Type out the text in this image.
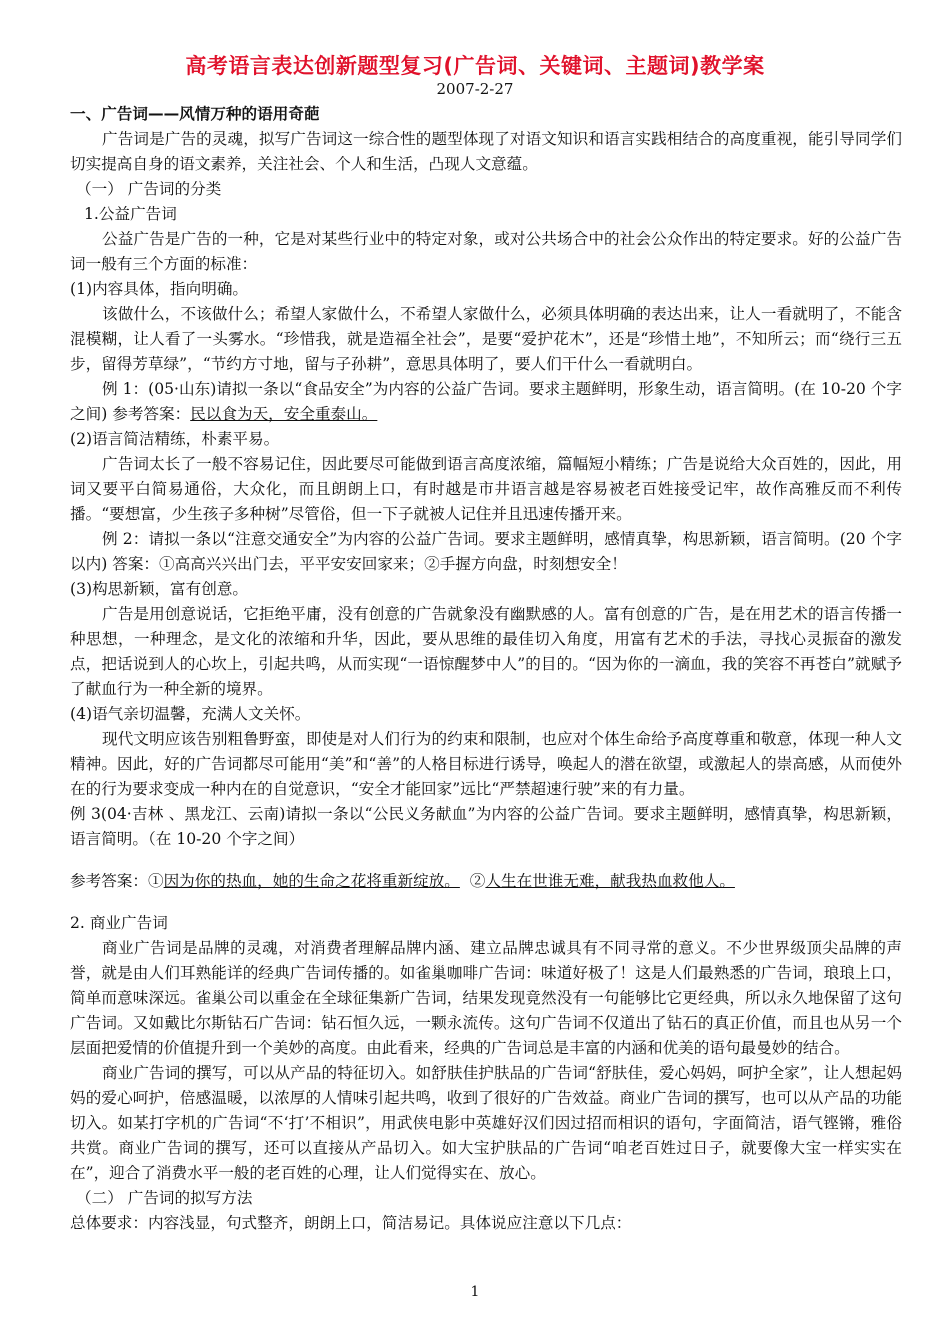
高考语言表达创新题型复习(广告词、关键词、主题词)教学案
2007-2-27

一、广告词——风情万种的语用奇葩

广告词是广告的灵魂，拟写广告词这一综合性的题型体现了对语文知识和语言实践相结合的高度重视，能引导同学们切实提高自身的语文素养，关注社会、个人和生活，凸现人文意蕴。

（一） 广告词的分类

1.公益广告词

公益广告是广告的一种，它是对某些行业中的特定对象，或对公共场合中的社会公众作出的特定要求。好的公益广告词一般有三个方面的标准：

(1)内容具体，指向明确。

该做什么，不该做什么；希望人家做什么，不希望人家做什么，必须具体明确的表达出来，让人一看就明了，不能含混模糊，让人看了一头雾水。“珍惜我，就是造福全社会”，是要“爱护花木”，还是“珍惜土地”，不知所云；而“绕行三五步，留得芳草绿”，“节约方寸地，留与子孙耕”，意思具体明了，要人们干什么一看就明白。

例 1：(05·山东)请拟一条以“食品安全”为内容的公益广告词。要求主题鲜明，形象生动，语言简明。(在 10-20 个字之间) 参考答案：民以食为天，安全重泰山。

(2)语言简洁精练，朴素平易。

广告词太长了一般不容易记住，因此要尽可能做到语言高度浓缩，篇幅短小精练；广告是说给大众百姓的，因此，用词又要平白简易通俗，大众化，而且朗朗上口，有时越是市井语言越是容易被老百姓接受记牢，故作高雅反而不利传播。“要想富，少生孩子多种树”尽管俗，但一下子就被人记住并且迅速传播开来。

例 2：请拟一条以“注意交通安全”为内容的公益广告词。要求主题鲜明，感情真挚，构思新颖，语言简明。(20 个字以内) 答案：①高高兴兴出门去，平平安安回家来；②手握方向盘，时刻想安全！

(3)构思新颖，富有创意。

广告是用创意说话，它拒绝平庸，没有创意的广告就象没有幽默感的人。富有创意的广告，是在用艺术的语言传播一种思想，一种理念，是文化的浓缩和升华，因此，要从思维的最佳切入角度，用富有艺术的手法，寻找心灵振奋的激发点，把话说到人的心坎上，引起共鸣，从而实现“一语惊醒梦中人”的目的。“因为你的一滴血，我的笑容不再苍白”就赋予了献血行为一种全新的境界。

(4)语气亲切温馨，充满人文关怀。

现代文明应该告别粗鲁野蛮，即使是对人们行为的约束和限制，也应对个体生命给予高度尊重和敬意，体现一种人文精神。因此，好的广告词都尽可能用“美”和“善”的人格目标进行诱导，唤起人的潜在欲望，或激起人的崇高感，从而使外在的行为要求变成一种内在的自觉意识，“安全才能回家”远比“严禁超速行驶”来的有力量。

例 3(04·吉林 、黑龙江、云南)请拟一条以“公民义务献血”为内容的公益广告词。要求主题鲜明，感情真挚，构思新颖，语言简明。（在 10-20 个字之间）

参考答案：①因为你的热血，她的生命之花将重新绽放。 ②人生在世谁无难，献我热血救他人。

2. 商业广告词

商业广告词是品牌的灵魂，对消费者理解品牌内涵、建立品牌忠诚具有不同寻常的意义。不少世界级顶尖品牌的声誉，就是由人们耳熟能详的经典广告词传播的。如雀巢咖啡广告词：味道好极了！这是人们最熟悉的广告词，琅琅上口，简单而意味深远。雀巢公司以重金在全球征集新广告词，结果发现竟然没有一句能够比它更经典，所以永久地保留了这句广告词。又如戴比尔斯钻石广告词：钻石恒久远，一颗永流传。这句广告词不仅道出了钻石的真正价值，而且也从另一个层面把爱情的价值提升到一个美妙的高度。由此看来，经典的广告词总是丰富的内涵和优美的语句最曼妙的结合。

商业广告词的撰写，可以从产品的特征切入。如舒肤佳护肤品的广告词“舒肤佳，爱心妈妈，呵护全家”，让人想起妈妈的爱心呵护，倍感温暖，以浓厚的人情味引起共鸣，收到了很好的广告效益。商业广告词的撰写，也可以从产品的功能切入。如某打字机的广告词“不‘打’不相识”，用武侠电影中英雄好汉们因过招而相识的语句，字面简洁，语气铿锵，雅俗共赏。商业广告词的撰写，还可以直接从产品切入。如大宝护肤品的广告词“咱老百姓过日子，就要像大宝一样实实在在”，迎合了消费水平一般的老百姓的心理，让人们觉得实在、放心。

（二） 广告词的拟写方法

总体要求：内容浅显，句式整齐，朗朗上口，简洁易记。具体说应注意以下几点：

1
